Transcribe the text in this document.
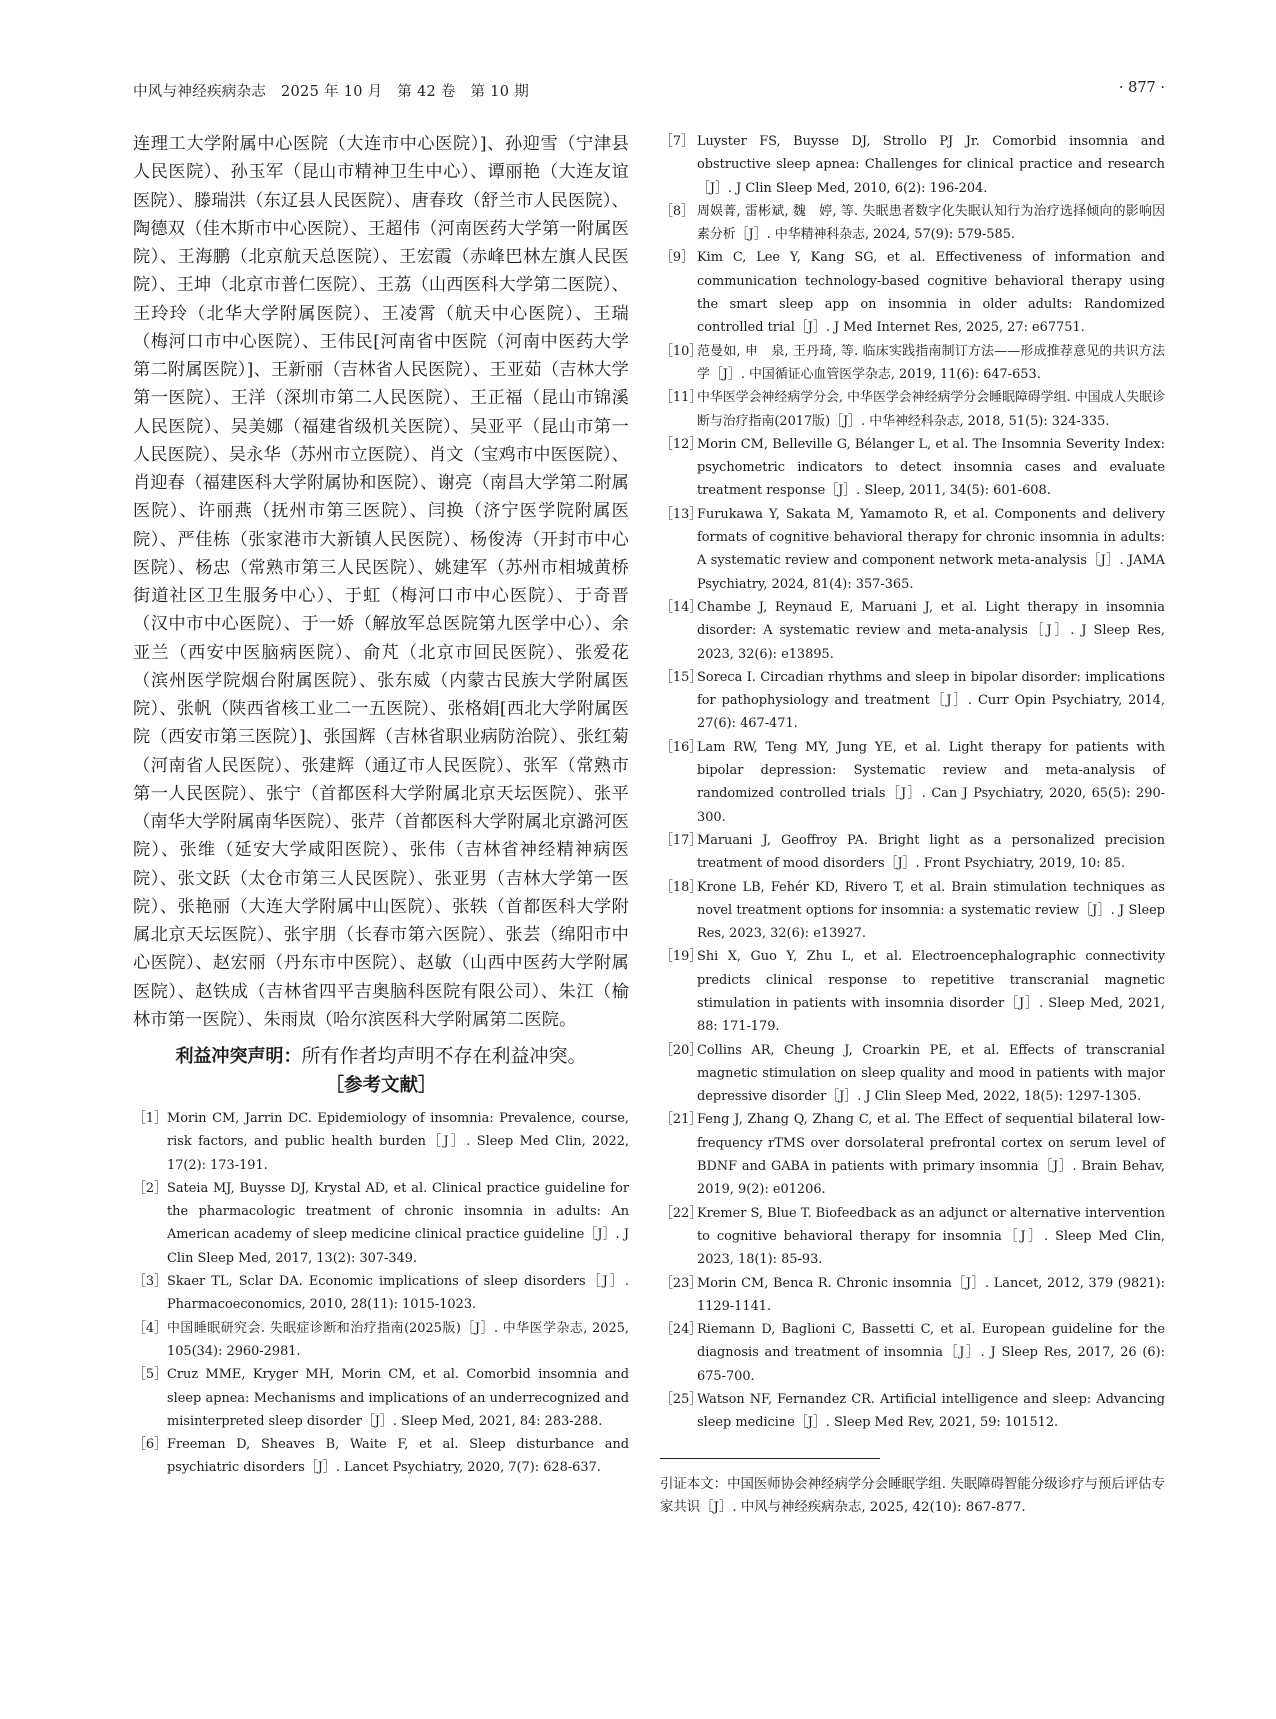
中风与神经疾病杂志　2025 年 10 月　第 42 卷　第 10 期	· 877 ·

连理工大学附属中心医院（大连市中心医院）]、孙迎雪（宁津县人民医院）、孙玉军（昆山市精神卫生中心）、谭丽艳（大连友谊医院）、滕瑞洪（东辽县人民医院）、唐春玫（舒兰市人民医院）、陶德双（佳木斯市中心医院）、王超伟（河南医药大学第一附属医院）、王海鹏（北京航天总医院）、王宏霞（赤峰巴林左旗人民医院）、王坤（北京市普仁医院）、王荔（山西医科大学第二医院）、王玲玲（北华大学附属医院）、王凌霄（航天中心医院）、王瑞（梅河口市中心医院）、王伟民[河南省中医院（河南中医药大学第二附属医院）]、王新丽（吉林省人民医院）、王亚茹（吉林大学第一医院）、王洋（深圳市第二人民医院）、王正福（昆山市锦溪人民医院）、吴美娜（福建省级机关医院）、吴亚平（昆山市第一人民医院）、吴永华（苏州市立医院）、肖文（宝鸡市中医医院）、肖迎春（福建医科大学附属协和医院）、谢亮（南昌大学第二附属医院）、许丽燕（抚州市第三医院）、闫换（济宁医学院附属医院）、严佳栋（张家港市大新镇人民医院）、杨俊涛（开封市中心医院）、杨忠（常熟市第三人民医院）、姚建军（苏州市相城黄桥街道社区卫生服务中心）、于虹（梅河口市中心医院）、于奇晋（汉中市中心医院）、于一娇（解放军总医院第九医学中心）、余亚兰（西安中医脑病医院）、俞芃（北京市回民医院）、张爱花（滨州医学院烟台附属医院）、张东威（内蒙古民族大学附属医院）、张帆（陕西省核工业二一五医院）、张格娟[西北大学附属医院（西安市第三医院）]、张国辉（吉林省职业病防治院）、张红菊（河南省人民医院）、张建辉（通辽市人民医院）、张军（常熟市第一人民医院）、张宁（首都医科大学附属北京天坛医院）、张平（南华大学附属南华医院）、张芹（首都医科大学附属北京潞河医院）、张维（延安大学咸阳医院）、张伟（吉林省神经精神病医院）、张文跃（太仓市第三人民医院）、张亚男（吉林大学第一医院）、张艳丽（大连大学附属中山医院）、张轶（首都医科大学附属北京天坛医院）、张宇朋（长春市第六医院）、张芸（绵阳市中心医院）、赵宏丽（丹东市中医院）、赵敏（山西中医药大学附属医院）、赵铁成（吉林省四平吉奥脑科医院有限公司）、朱江（榆林市第一医院）、朱雨岚（哈尔滨医科大学附属第二医院。

利益冲突声明：所有作者均声明不存在利益冲突。

［参考文献］
［1］ Morin CM, Jarrin DC. Epidemiology of insomnia: Prevalence, course, risk factors, and public health burden［J］. Sleep Med Clin, 2022, 17(2): 173-191.
［2］ Sateia MJ, Buysse DJ, Krystal AD, et al. Clinical practice guideline for the pharmacologic treatment of chronic insomnia in adults: An American academy of sleep medicine clinical practice guideline［J］. J Clin Sleep Med, 2017, 13(2): 307-349.
［3］ Skaer TL, Sclar DA. Economic implications of sleep disorders［J］. Pharmacoeconomics, 2010, 28(11): 1015-1023.
［4］ 中国睡眠研究会. 失眠症诊断和治疗指南(2025版)［J］. 中华医学杂志, 2025, 105(34): 2960-2981.
［5］ Cruz MME, Kryger MH, Morin CM, et al. Comorbid insomnia and sleep apnea: Mechanisms and implications of an underrecognized and misinterpreted sleep disorder［J］. Sleep Med, 2021, 84: 283-288.
［6］ Freeman D, Sheaves B, Waite F, et al. Sleep disturbance and psychiatric disorders［J］. Lancet Psychiatry, 2020, 7(7): 628-637.
［7］ Luyster FS, Buysse DJ, Strollo PJ Jr. Comorbid insomnia and obstructive sleep apnea: Challenges for clinical practice and research［J］. J Clin Sleep Med, 2010, 6(2): 196-204.
［8］ 周娱菁, 雷彬斌, 魏　婷, 等. 失眠患者数字化失眠认知行为治疗选择倾向的影响因素分析［J］. 中华精神科杂志, 2024, 57(9): 579-585.
［9］ Kim C, Lee Y, Kang SG, et al. Effectiveness of information and communication technology-based cognitive behavioral therapy using the smart sleep app on insomnia in older adults: Randomized controlled trial［J］. J Med Internet Res, 2025, 27: e67751.
［10］
范曼如, 申　泉, 王丹琦, 等. 临床实践指南制订方法——形成推荐意见的共识方法学［J］. 中国循证心血管医学杂志, 2019, 11(6): 647-653.
［11］
中华医学会神经病学分会, 中华医学会神经病学分会睡眠障碍学组. 中国成人失眠诊断与治疗指南(2017版)［J］. 中华神经科杂志, 2018, 51(5): 324-335.
［12］
Morin CM, Belleville G, Bélanger L, et al. The Insomnia Severity Index: psychometric indicators to detect insomnia cases and evaluate treatment response［J］. Sleep, 2011, 34(5): 601-608.
［13］
Furukawa Y, Sakata M, Yamamoto R, et al. Components and delivery formats of cognitive behavioral therapy for chronic insomnia in adults: A systematic review and component network meta-analysis［J］. JAMA Psychiatry, 2024, 81(4): 357-365.
［14］
Chambe J, Reynaud E, Maruani J, et al. Light therapy in insomnia disorder: A systematic review and meta-analysis［J］. J Sleep Res, 2023, 32(6): e13895.
［15］
Soreca I. Circadian rhythms and sleep in bipolar disorder: implications for pathophysiology and treatment［J］. Curr Opin Psychiatry, 2014, 27(6): 467-471.
［16］
Lam RW, Teng MY, Jung YE, et al. Light therapy for patients with bipolar depression: Systematic review and meta-analysis of randomized controlled trials［J］. Can J Psychiatry, 2020, 65(5): 290-300.
［17］
Maruani J, Geoffroy PA. Bright light as a personalized precision treatment of mood disorders［J］. Front Psychiatry, 2019, 10: 85.
［18］
Krone LB, Fehér KD, Rivero T, et al. Brain stimulation techniques as novel treatment options for insomnia: a systematic review［J］. J Sleep Res, 2023, 32(6): e13927.
［19］
Shi X, Guo Y, Zhu L, et al. Electroencephalographic connectivity predicts clinical response to repetitive transcranial magnetic stimulation in patients with insomnia disorder［J］. Sleep Med, 2021, 88: 171-179.
［20］
Collins AR, Cheung J, Croarkin PE, et al. Effects of transcranial magnetic stimulation on sleep quality and mood in patients with major depressive disorder［J］. J Clin Sleep Med, 2022, 18(5): 1297-1305.
［21］
Feng J, Zhang Q, Zhang C, et al. The Effect of sequential bilateral low-frequency rTMS over dorsolateral prefrontal cortex on serum level of BDNF and GABA in patients with primary insomnia［J］. Brain Behav, 2019, 9(2): e01206.
［22］
Kremer S, Blue T. Biofeedback as an adjunct or alternative intervention to cognitive behavioral therapy for insomnia［J］. Sleep Med Clin, 2023, 18(1): 85-93.
［23］
Morin CM, Benca R. Chronic insomnia［J］. Lancet, 2012, 379 (9821): 1129-1141.
［24］
Riemann D, Baglioni C, Bassetti C, et al. European guideline for the diagnosis and treatment of insomnia［J］. J Sleep Res, 2017, 26 (6): 675-700.
［25］
Watson NF, Fernandez CR. Artificial intelligence and sleep: Advancing sleep medicine［J］. Sleep Med Rev, 2021, 59: 101512.
引证本文：中国医师协会神经病学分会睡眠学组. 失眠障碍智能分级诊疗与预后评估专家共识［J］. 中风与神经疾病杂志, 2025, 42(10): 867-877.
